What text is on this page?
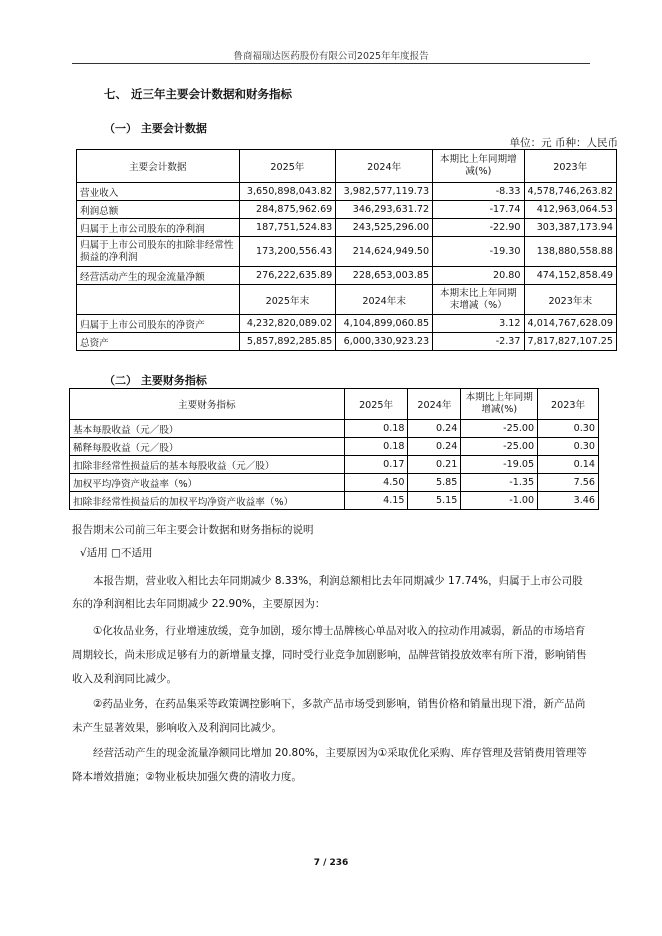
鲁商福瑞达医药股份有限公司2025年年度报告
七、 近三年主要会计数据和财务指标
（一） 主要会计数据
单位：元 币种：人民币
主要会计数据	2025年	2024年	本期比上年同期增减(%)	2023年
营业收入	3,650,898,043.82	3,982,577,119.73	-8.33	4,578,746,263.82
利润总额	284,875,962.69	346,293,631.72	-17.74	412,963,064.53
归属于上市公司股东的净利润	187,751,524.83	243,525,296.00	-22.90	303,387,173.94
归属于上市公司股东的扣除非经常性损益的净利润	173,200,556.43	214,624,949.50	-19.30	138,880,558.88
经营活动产生的现金流量净额	276,222,635.89	228,653,003.85	20.80	474,152,858.49
	2025年末	2024年末	本期末比上年同期末增减（%）	2023年末
归属于上市公司股东的净资产	4,232,820,089.02	4,104,899,060.85	3.12	4,014,767,628.09
总资产	5,857,892,285.85	6,000,330,923.23	-2.37	7,817,827,107.25
（二） 主要财务指标
主要财务指标	2025年	2024年	本期比上年同期增减(%)	2023年
基本每股收益（元／股）	0.18	0.24	-25.00	0.30
稀释每股收益（元／股）	0.18	0.24	-25.00	0.30
扣除非经常性损益后的基本每股收益（元／股）	0.17	0.21	-19.05	0.14
加权平均净资产收益率（%）	4.50	5.85	-1.35	7.56
扣除非经常性损益后的加权平均净资产收益率（%）	4.15	5.15	-1.00	3.46
报告期末公司前三年主要会计数据和财务指标的说明
√适用 □不适用
本报告期，营业收入相比去年同期减少 8.33%，利润总额相比去年同期减少 17.74%，归属于上市公司股东的净利润相比去年同期减少 22.90%，主要原因为：
①化妆品业务，行业增速放缓，竞争加剧，瑷尔博士品牌核心单品对收入的拉动作用减弱，新品的市场培育周期较长，尚未形成足够有力的新增量支撑，同时受行业竞争加剧影响，品牌营销投放效率有所下滑，影响销售收入及利润同比减少。
②药品业务，在药品集采等政策调控影响下，多款产品市场受到影响，销售价格和销量出现下滑，新产品尚未产生显著效果，影响收入及利润同比减少。
经营活动产生的现金流量净额同比增加 20.80%，主要原因为①采取优化采购、库存管理及营销费用管理等降本增效措施；②物业板块加强欠费的清收力度。
7 / 236
